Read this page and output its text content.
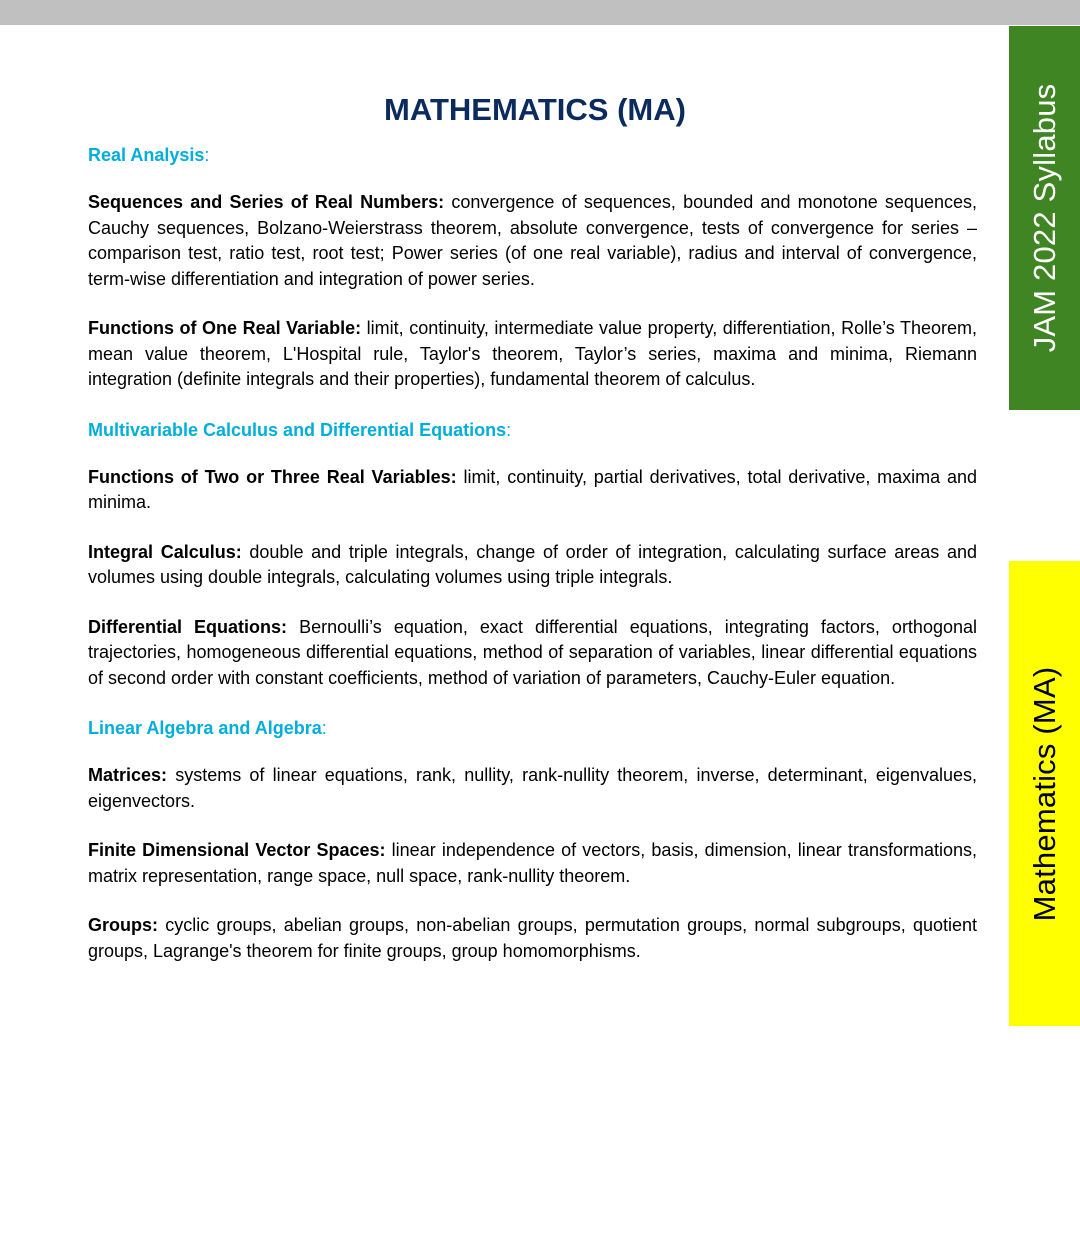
JAM 2022 Syllabus
Mathematics (MA)
MATHEMATICS (MA)

Real Analysis:

Sequences and Series of Real Numbers: convergence of sequences, bounded and monotone sequences, Cauchy sequences, Bolzano-Weierstrass theorem, absolute convergence, tests of convergence for series – comparison test, ratio test, root test; Power series (of one real variable), radius and interval of convergence, term-wise differentiation and integration of power series.

Functions of One Real Variable: limit, continuity, intermediate value property, differentiation, Rolle’s Theorem, mean value theorem, L'Hospital rule, Taylor's theorem, Taylor’s series, maxima and minima, Riemann integration (definite integrals and their properties), fundamental theorem of calculus.

Multivariable Calculus and Differential Equations:

Functions of Two or Three Real Variables: limit, continuity, partial derivatives, total derivative, maxima and minima.

Integral Calculus: double and triple integrals, change of order of integration, calculating surface areas and volumes using double integrals, calculating volumes using triple integrals.

Differential Equations: Bernoulli’s equation, exact differential equations, integrating factors, orthogonal trajectories, homogeneous differential equations, method of separation of variables, linear differential equations of second order with constant coefficients, method of variation of parameters, Cauchy-Euler equation.

Linear Algebra and Algebra:

Matrices: systems of linear equations, rank, nullity, rank-nullity theorem, inverse, determinant, eigenvalues, eigenvectors.

Finite Dimensional Vector Spaces: linear independence of vectors, basis, dimension, linear transformations, matrix representation, range space, null space, rank-nullity theorem.

Groups: cyclic groups, abelian groups, non-abelian groups, permutation groups, normal subgroups, quotient groups, Lagrange's theorem for finite groups, group homomorphisms.
